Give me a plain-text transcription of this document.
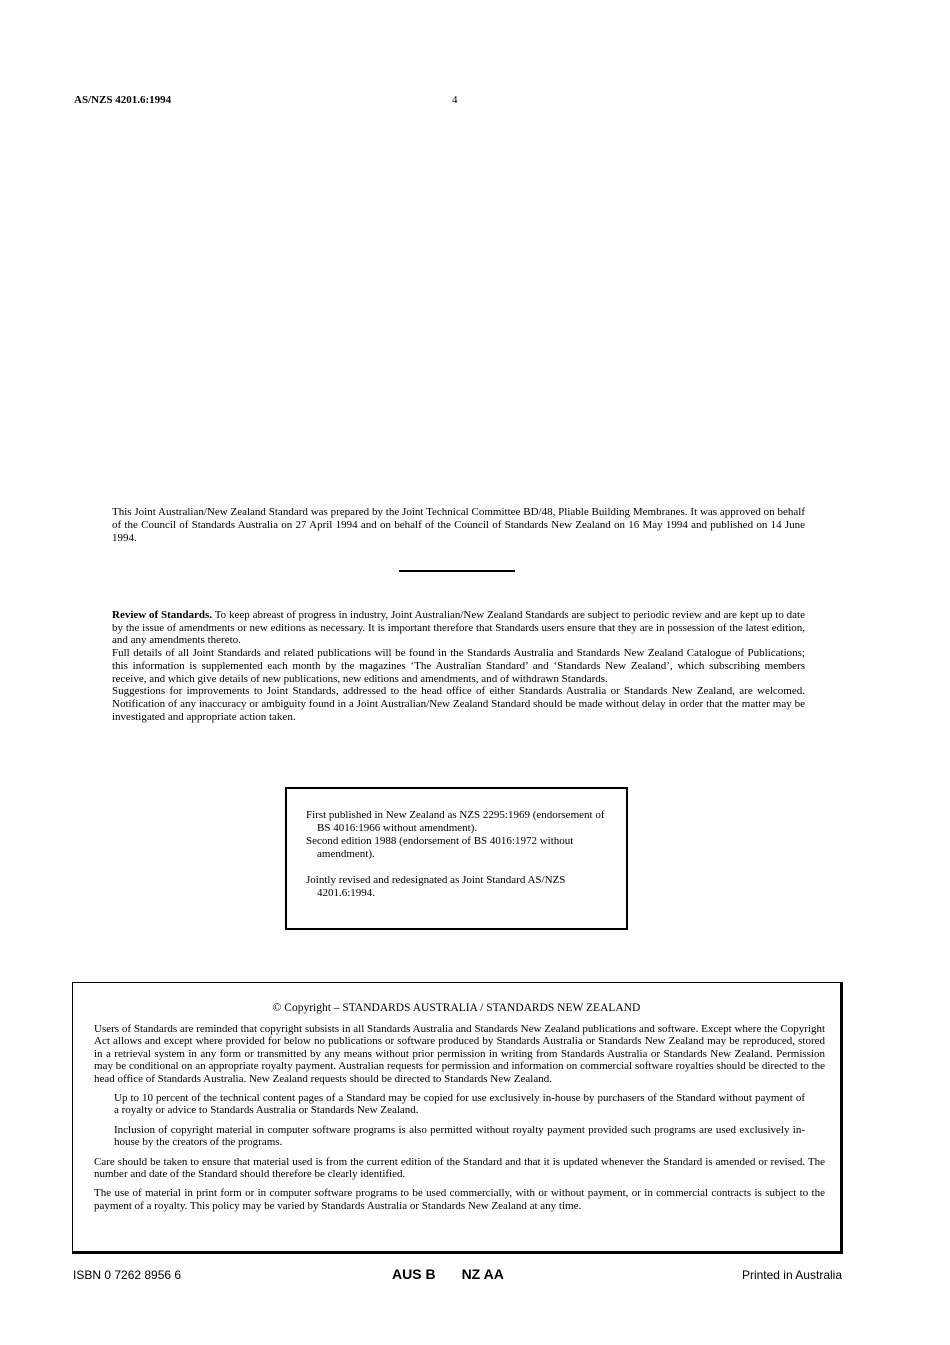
AS/NZS 4201.6:1994	4

This Joint Australian/New Zealand Standard was prepared by the Joint Technical Committee BD/48, Pliable Building Membranes. It was approved on behalf of the Council of Standards Australia on 27 April 1994 and on behalf of the Council of Standards New Zealand on 16 May 1994 and published on 14 June 1994.

Review of Standards. To keep abreast of progress in industry, Joint Australian/New Zealand Standards are subject to periodic review and are kept up to date by the issue of amendments or new editions as necessary. It is important therefore that Standards users ensure that they are in possession of the latest edition, and any amendments thereto.

Full details of all Joint Standards and related publications will be found in the Standards Australia and Standards New Zealand Catalogue of Publications; this information is supplemented each month by the magazines ‘The Australian Standard’ and ‘Standards New Zealand’, which subscribing members receive, and which give details of new publications, new editions and amendments, and of withdrawn Standards.

Suggestions for improvements to Joint Standards, addressed to the head office of either Standards Australia or Standards New Zealand, are welcomed. Notification of any inaccuracy or ambiguity found in a Joint Australian/New Zealand Standard should be made without delay in order that the matter may be investigated and appropriate action taken.

First published in New Zealand as NZS 2295:1969 (endorsement of BS 4016:1966 without amendment).

Second edition 1988 (endorsement of BS 4016:1972 without amendment).

Jointly revised and redesignated as Joint Standard AS/NZS 4201.6:1994.

© Copyright – STANDARDS AUSTRALIA / STANDARDS NEW ZEALAND

Users of Standards are reminded that copyright subsists in all Standards Australia and Standards New Zealand publications and software. Except where the Copyright Act allows and except where provided for below no publications or software produced by Standards Australia or Standards New Zealand may be reproduced, stored in a retrieval system in any form or transmitted by any means without prior permission in writing from Standards Australia or Standards New Zealand. Permission may be conditional on an appropriate royalty payment. Australian requests for permission and information on commercial software royalties should be directed to the head office of Standards Australia. New Zealand requests should be directed to Standards New Zealand.

Up to 10 percent of the technical content pages of a Standard may be copied for use exclusively in-house by purchasers of the Standard without payment of a royalty or advice to Standards Australia or Standards New Zealand.

Inclusion of copyright material in computer software programs is also permitted without royalty payment provided such programs are used exclusively in-house by the creators of the programs.

Care should be taken to ensure that material used is from the current edition of the Standard and that it is updated whenever the Standard is amended or revised. The number and date of the Standard should therefore be clearly identified.

The use of material in print form or in computer software programs to be used commercially, with or without payment, or in commercial contracts is subject to the payment of a royalty. This policy may be varied by Standards Australia or Standards New Zealand at any time.

ISBN 0 7262 8956 6	AUS B NZ AA	Printed in Australia
